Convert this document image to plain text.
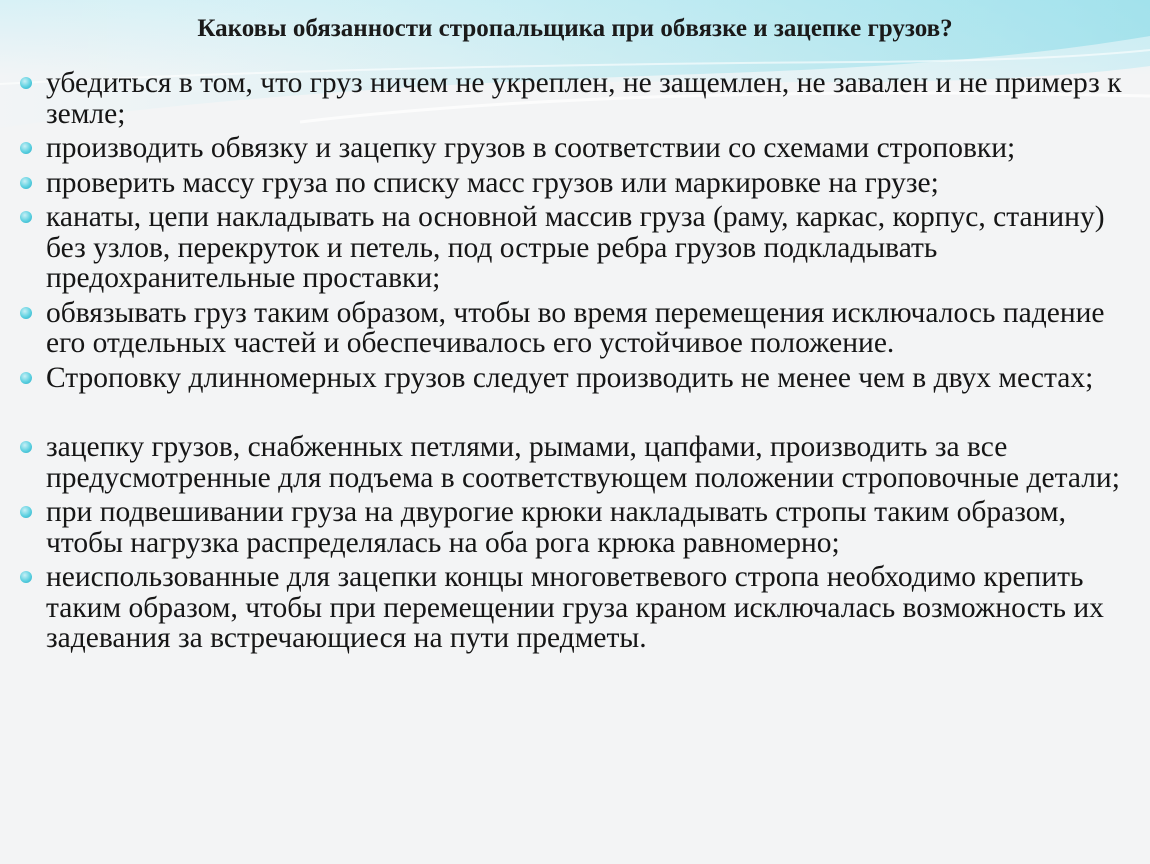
Каковы обязанности стропальщика при обвязке и зацепке грузов?
убедиться в том, что груз ничем не укреплен, не защемлен, не завален и не примерз к земле;
производить обвязку и зацепку грузов в соответствии со схемами строповки;
проверить массу груза по списку масс грузов или маркировке на грузе;
канаты, цепи накладывать на основной массив груза (раму, каркас, корпус, станину) без узлов, перекруток и петель, под острые ребра грузов подкладывать предохранительные проставки;
обвязывать груз таким образом, чтобы во время перемещения исключалось падение его отдельных частей и обеспечивалось его устойчивое положение.
Строповку длинномерных грузов следует производить не менее чем в двух местах;
зацепку грузов, снабженных петлями, рымами, цапфами, производить за все предусмотренные для подъема в соответствующем положении строповочные детали;
при подвешивании груза на двурогие крюки накладывать стропы таким образом, чтобы нагрузка распределялась на оба рога крюка равномерно;
неиспользованные для зацепки концы многоветвевого стропа необходимо крепить таким образом, чтобы при перемещении груза краном исключалась возможность их задевания за встречающиеся на пути предметы.
